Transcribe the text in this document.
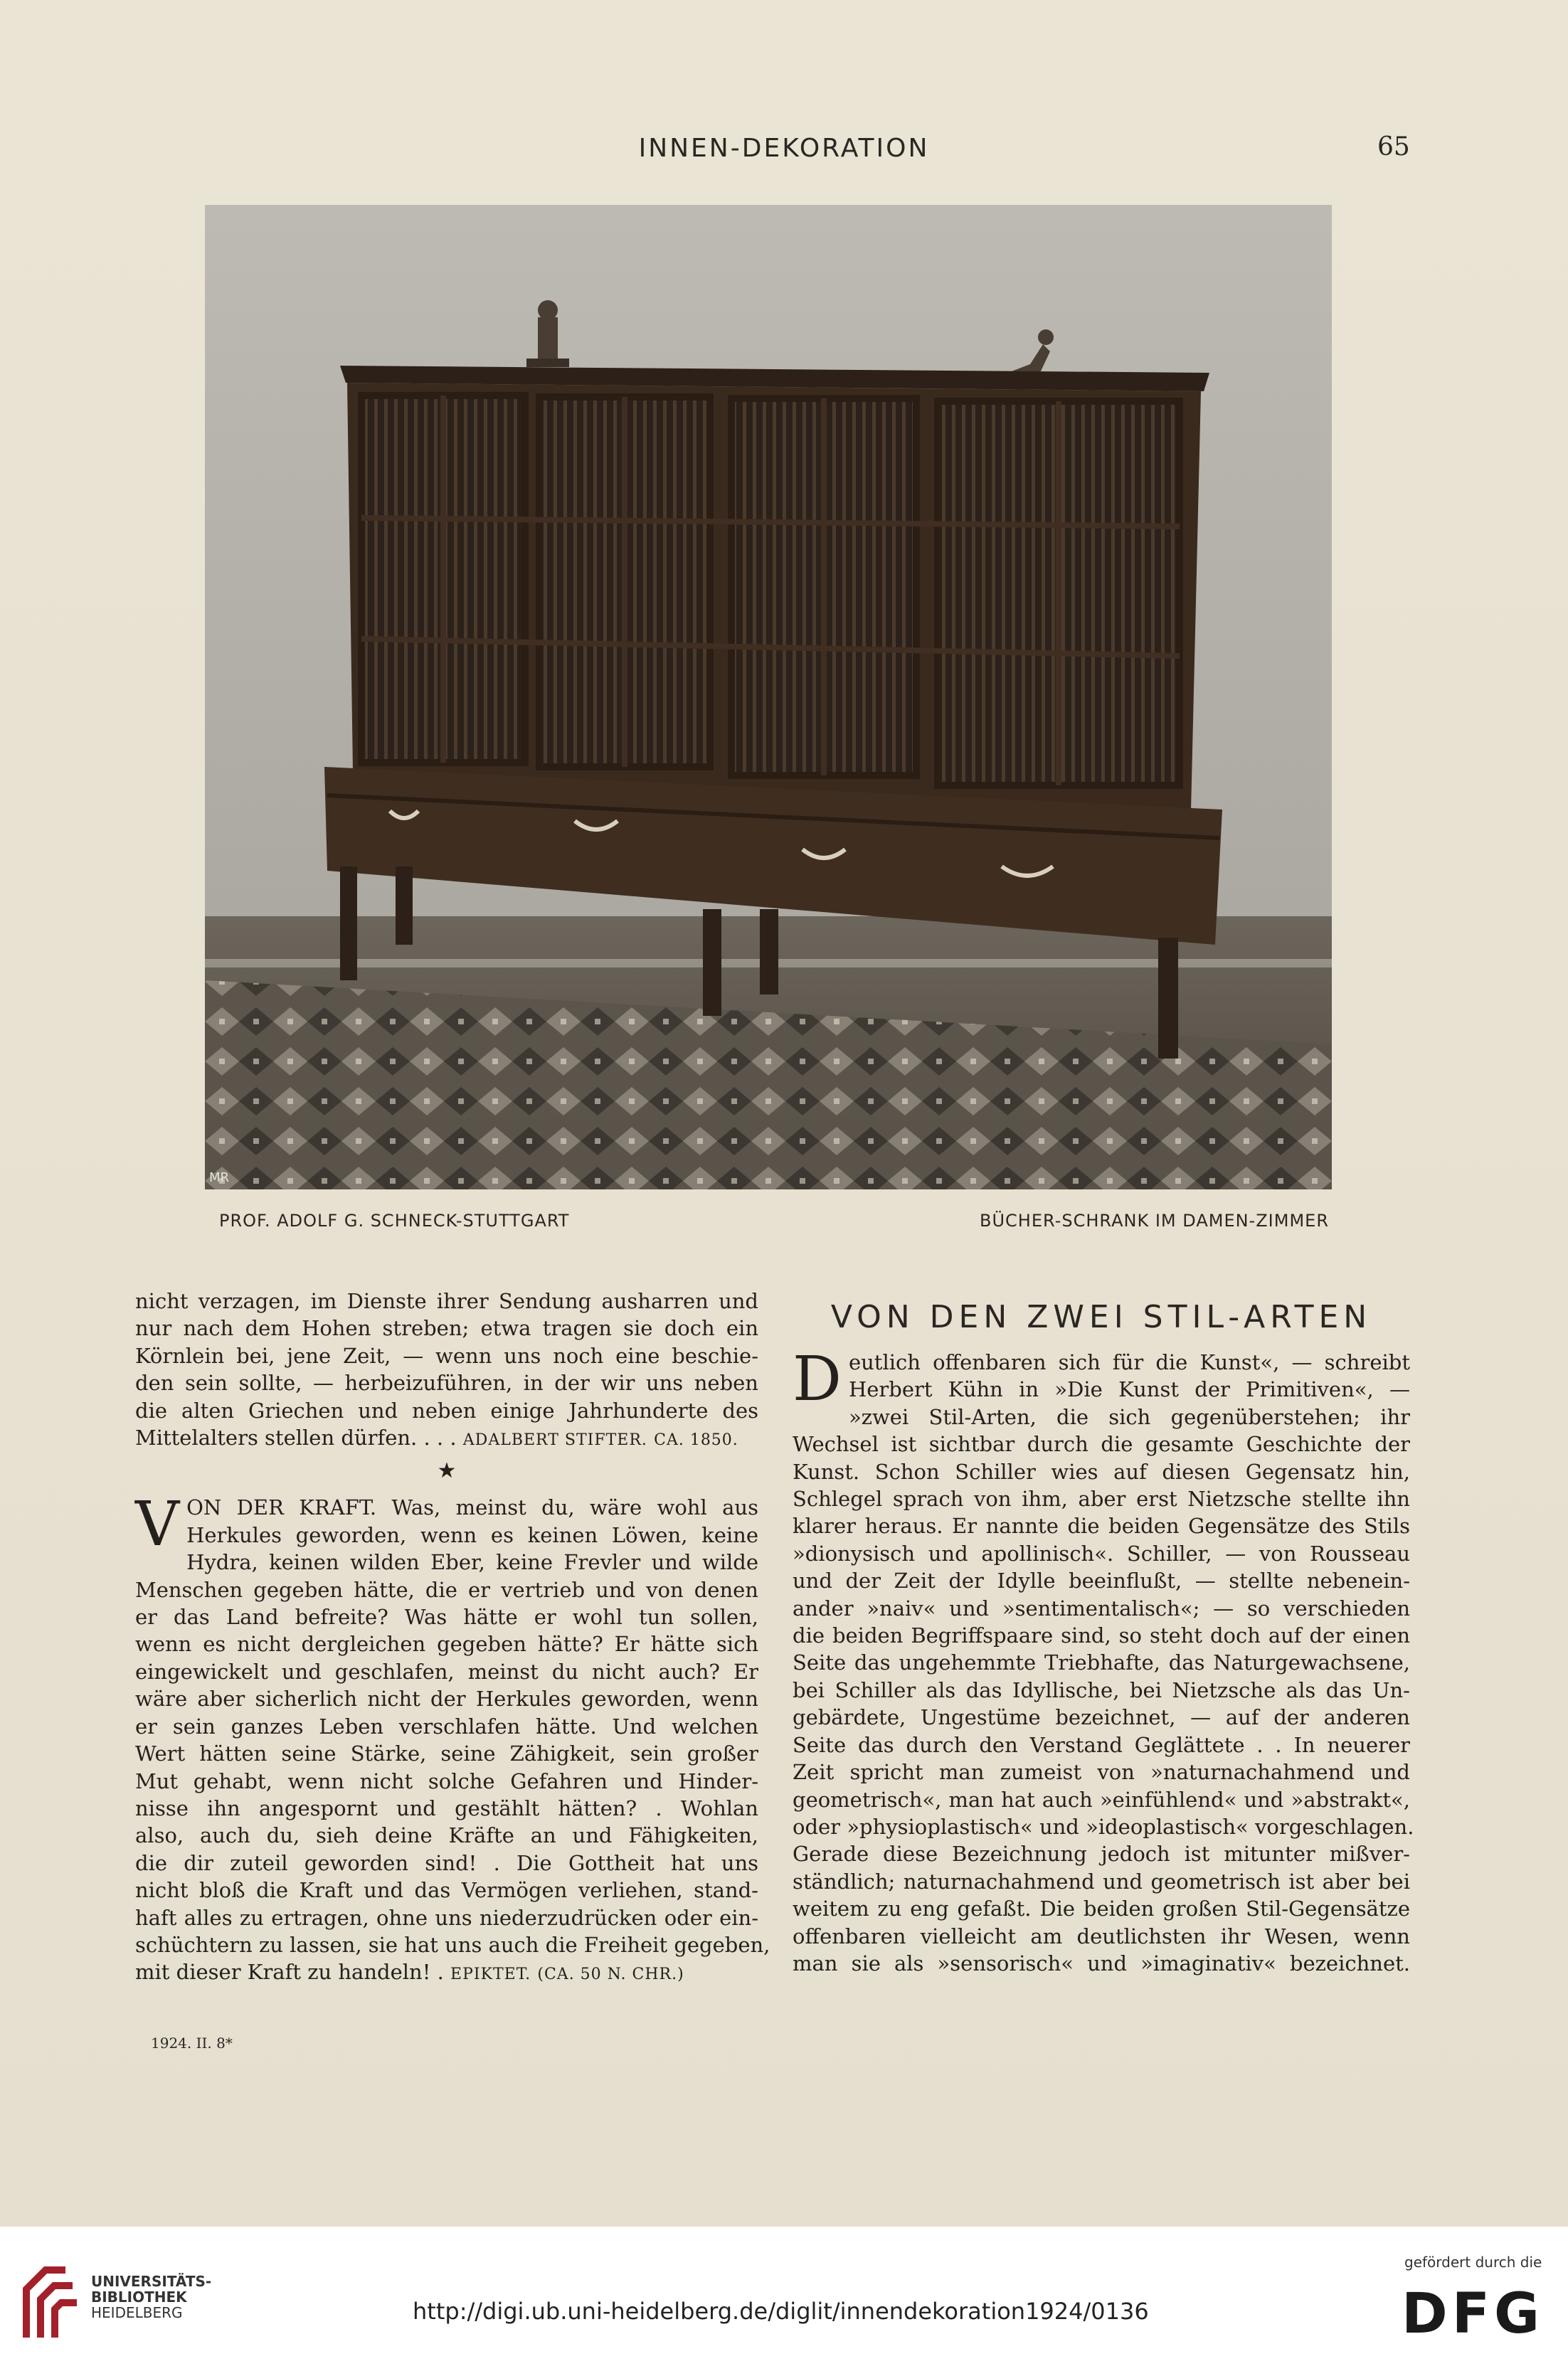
INNEN-DEKORATION	65
MR
PROF. ADOLF G. SCHNECK-STUTTGART	BÜCHER-SCHRANK IM DAMEN-ZIMMER
nicht verzagen, im Dienste ihrer Sendung ausharren und
nur nach dem Hohen streben; etwa tragen sie doch ein
Körnlein bei, jene Zeit, — wenn uns noch eine beschie-
den sein sollte, — herbeizuführen, in der wir uns neben
die alten Griechen und neben einige Jahrhunderte des
Mittelalters stellen dürfen. . . . ADALBERT STIFTER. CA. 1850.
★
V ON DER KRAFT. Was, meinst du, wäre wohl aus
Herkules geworden, wenn es keinen Löwen, keine
Hydra, keinen wilden Eber, keine Frevler und wilde
Menschen gegeben hätte, die er vertrieb und von denen
er das Land befreite? Was hätte er wohl tun sollen,
wenn es nicht dergleichen gegeben hätte? Er hätte sich
eingewickelt und geschlafen, meinst du nicht auch? Er
wäre aber sicherlich nicht der Herkules geworden, wenn
er sein ganzes Leben verschlafen hätte. Und welchen
Wert hätten seine Stärke, seine Zähigkeit, sein großer
Mut gehabt, wenn nicht solche Gefahren und Hinder-
nisse ihn angespornt und gestählt hätten? . Wohlan
also, auch du, sieh deine Kräfte an und Fähigkeiten,
die dir zuteil geworden sind! . Die Gottheit hat uns
nicht bloß die Kraft und das Vermögen verliehen, stand-
haft alles zu ertragen, ohne uns niederzudrücken oder ein-
schüchtern zu lassen, sie hat uns auch die Freiheit gegeben,
mit dieser Kraft zu handeln! . EPIKTET. (CA. 50 N. CHR.)
VON DEN ZWEI STIL-ARTEN
D eutlich offenbaren sich für die Kunst«, — schreibt
Herbert Kühn in »Die Kunst der Primitiven«, —
»zwei Stil-Arten, die sich gegenüberstehen; ihr
Wechsel ist sichtbar durch die gesamte Geschichte der
Kunst. Schon Schiller wies auf diesen Gegensatz hin,
Schlegel sprach von ihm, aber erst Nietzsche stellte ihn
klarer heraus. Er nannte die beiden Gegensätze des Stils
»dionysisch und apollinisch«. Schiller, — von Rousseau
und der Zeit der Idylle beeinflußt, — stellte nebenein-
ander »naiv« und »sentimentalisch«; — so verschieden
die beiden Begriffspaare sind, so steht doch auf der einen
Seite das ungehemmte Triebhafte, das Naturgewachsene,
bei Schiller als das Idyllische, bei Nietzsche als das Un-
gebärdete, Ungestüme bezeichnet, — auf der anderen
Seite das durch den Verstand Geglättete . . In neuerer
Zeit spricht man zumeist von »naturnachahmend und
geometrisch«, man hat auch »einfühlend« und »abstrakt«,
oder »physioplastisch« und »ideoplastisch« vorgeschlagen.
Gerade diese Bezeichnung jedoch ist mitunter mißver-
ständlich; naturnachahmend und geometrisch ist aber bei
weitem zu eng gefaßt. Die beiden großen Stil-Gegensätze
offenbaren vielleicht am deutlichsten ihr Wesen, wenn
man sie als »sensorisch« und »imaginativ« bezeichnet.
1924. II. 8*
UNIVERSITÄTS-
BIBLIOTHEK
HEIDELBERG	http://digi.ub.uni-heidelberg.de/diglit/innendekoration1924/0136
gefördert durch die
DFG
